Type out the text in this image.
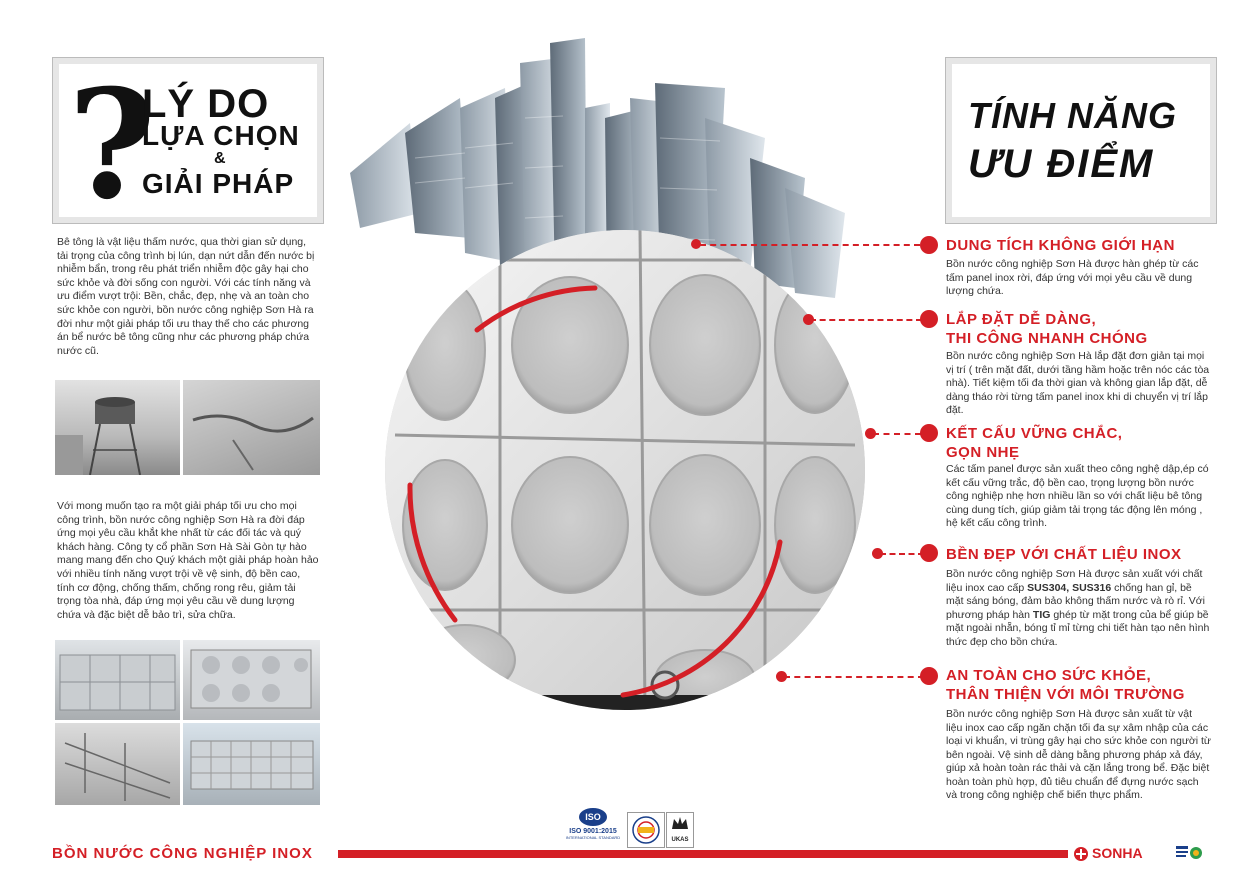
?
LÝ DO
LỰA CHỌN
&
GIẢI PHÁP
TÍNH NĂNG
ƯU ĐIỂM
Bê tông là vật liệu thấm nước, qua thời gian sử dụng, tải trọng của công trình bị lún, dạn nứt dẫn đến nước bị nhiễm bẩn, trong rêu phát triển nhiễm độc gây hại cho sức khỏe và đời sống con người. Với các tính năng và ưu điểm vượt trội: Bền, chắc, đẹp, nhẹ và an toàn cho sức khỏe con người, bồn nước công nghiệp Sơn Hà ra đời như một giải pháp tối ưu thay thế cho các phương án bể nước bê tông cũng như các phương pháp chứa nước cũ.
Với mong muốn tạo ra một giải pháp tối ưu cho mọi công trình, bồn nước công nghiệp Sơn Hà ra đời đáp ứng mọi yêu cầu khắt khe nhất từ các đối tác và quý khách hàng. Công ty cổ phần Sơn Hà Sài Gòn tự hào mang mang đến cho Quý khách một giải pháp hoàn hảo với nhiều tính năng vượt trội về vệ sinh, độ bền cao, tính cơ động, chống thấm, chống rong rêu, giảm tải trọng tòa nhà, đáp ứng mọi yêu cầu về dung lượng chứa và đặc biệt dễ bảo trì, sửa chữa.
DUNG TÍCH KHÔNG GIỚI HẠN
Bồn nước công nghiệp Sơn Hà được hàn ghép từ các tấm panel inox rời, đáp ứng với mọi yêu cầu về dung lượng chứa.
LẮP ĐẶT DỄ DÀNG,
THI CÔNG NHANH CHÓNG
Bồn nước công nghiệp Sơn Hà lắp đặt đơn giản tại mọi vị trí ( trên mặt đất, dưới tầng hầm hoặc trên nóc các tòa nhà). Tiết kiệm tối đa thời gian và không gian lắp đặt, dễ dàng tháo rời từng tấm panel inox khi di chuyển vị trí lắp đặt.
KẾT CẤU VỮNG CHẮC,
GỌN NHẸ
Các tấm panel được sản xuất theo công nghệ dập,ép có kết cấu vững trắc, độ bền cao, trọng lượng bồn nước công nghiệp nhẹ hơn nhiều lần so với chất liệu bê tông cùng dung tích, giúp giảm tải trọng tác động lên móng , hệ kết cấu công trình.
BỀN ĐẸP VỚI CHẤT LIỆU INOX
Bồn nước công nghiệp Sơn Hà được sản xuất với chất liệu inox cao cấp SUS304, SUS316 chống han gỉ, bề mặt sáng bóng, đảm bảo không thấm nước và rò rỉ. Với phương pháp hàn TIG ghép từ mặt trong của bể giúp bề mặt ngoài nhẵn, bóng tỉ mỉ từng chi tiết hàn tạo nên hình thức đẹp cho bồn chứa.
AN TOÀN CHO SỨC KHỎE,
THÂN THIỆN VỚI MÔI TRƯỜNG
Bồn nước công nghiệp Sơn Hà được sản xuất từ vật liệu inox cao cấp ngăn chặn tối đa sự xâm nhập của các loại vi khuẩn, vi trùng gây hại cho sức khỏe con người từ bên ngoài. Vệ sinh dễ dàng bằng phương pháp xả đáy, giúp xả hoàn toàn rác thải và cặn lắng trong bể. Đặc biệt hoàn toàn phù hợp, đủ tiêu chuẩn để đựng nước sạch và trong công nghiệp chế biến thực phẩm.
BỒN NƯỚC CÔNG NGHIỆP INOX
ISO
ISO 9001:2015
INTERNATIONAL STANDARD	UKAS
SONHA
